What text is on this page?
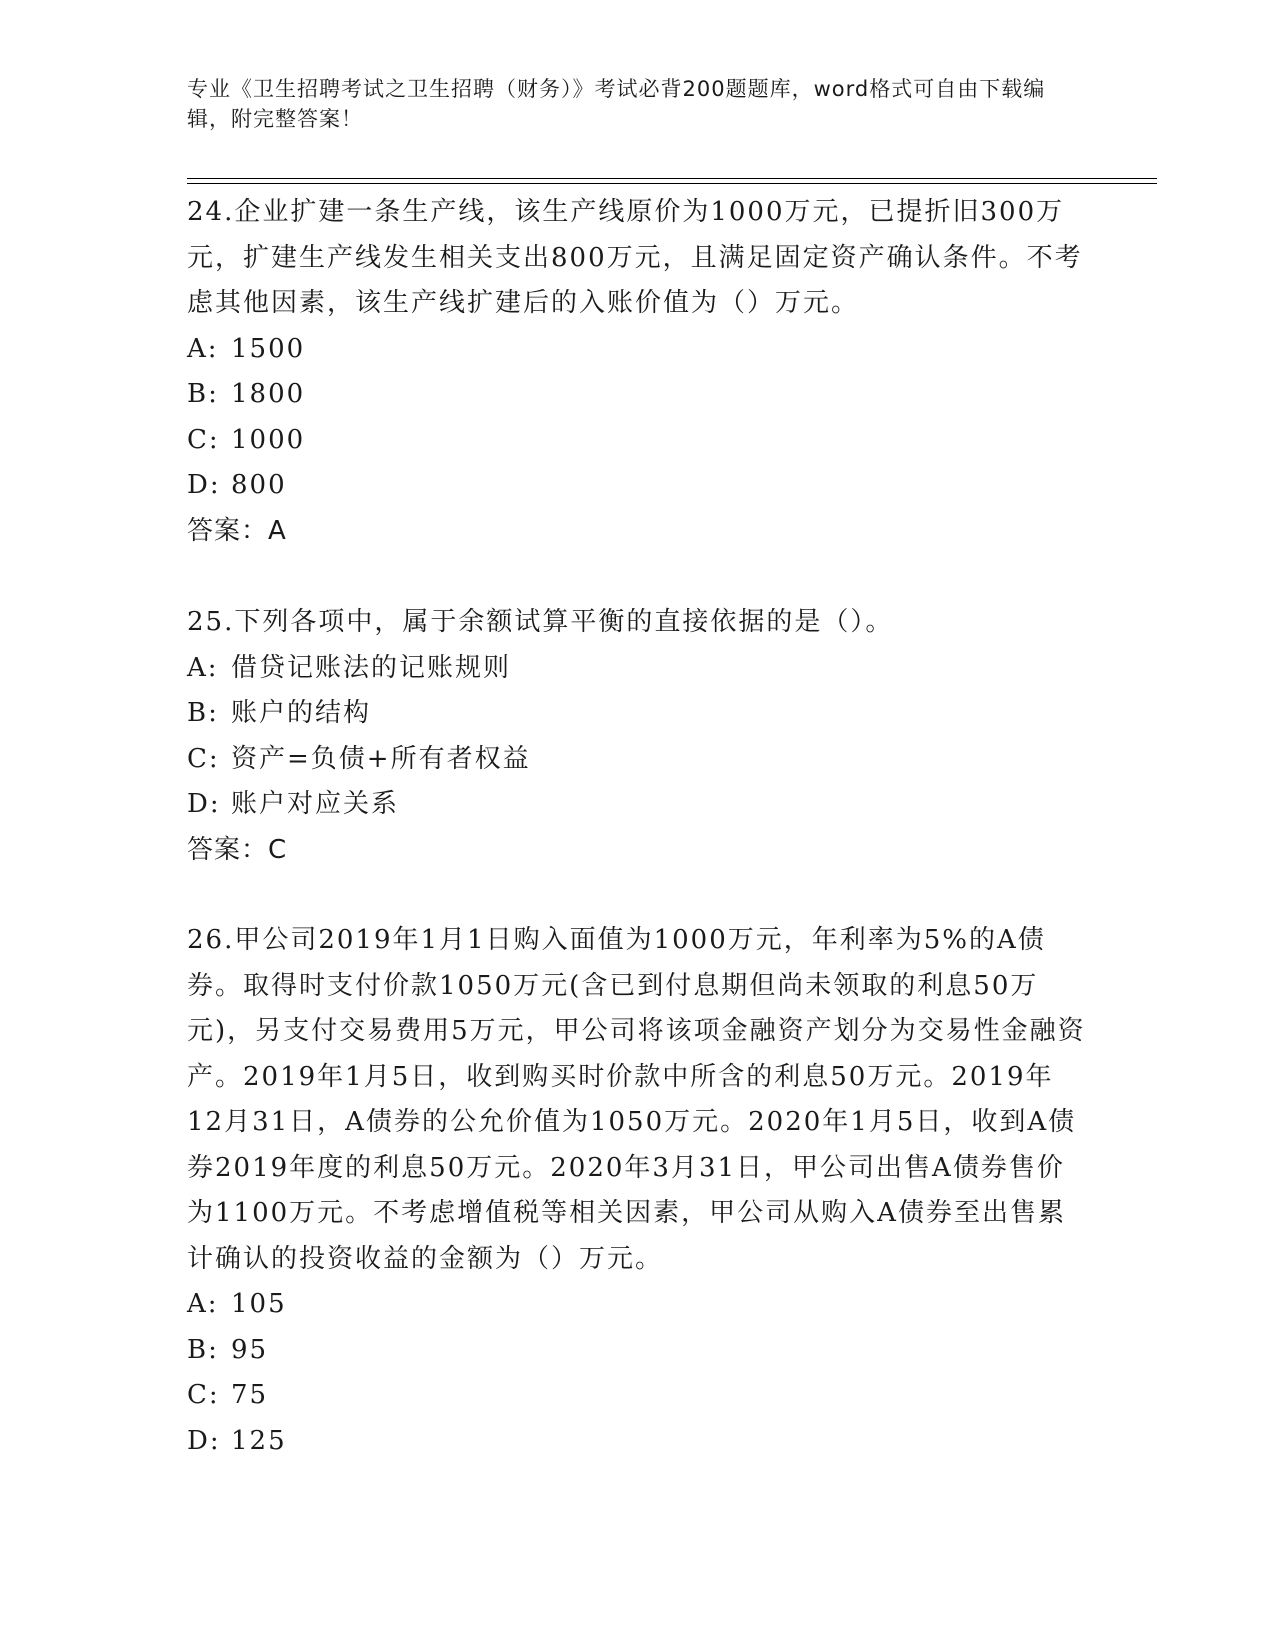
专业《卫生招聘考试之卫生招聘（财务）》考试必背200题题库，word格式可自由下载编辑，附完整答案！

24.企业扩建一条生产线，该生产线原价为1000万元，已提折旧300万元，扩建生产线发生相关支出800万元，且满足固定资产确认条件。不考虑其他因素，该生产线扩建后的入账价值为（）万元。

A: 1500

B: 1800

C: 1000

D: 800

答案：A

25.下列各项中，属于余额试算平衡的直接依据的是（）。

A: 借贷记账法的记账规则

B: 账户的结构

C: 资产=负债+所有者权益

D: 账户对应关系

答案：C

26.甲公司2019年1月1日购入面值为1000万元，年利率为5%的A债券。取得时支付价款1050万元(含已到付息期但尚未领取的利息50万元)，另支付交易费用5万元，甲公司将该项金融资产划分为交易性金融资产。2019年1月5日，收到购买时价款中所含的利息50万元。2019年12月31日，A债券的公允价值为1050万元。2020年1月5日，收到A债券2019年度的利息50万元。2020年3月31日，甲公司出售A债券售价为1100万元。不考虑增值税等相关因素，甲公司从购入A债券至出售累计确认的投资收益的金额为（）万元。

A: 105

B: 95

C: 75

D: 125
